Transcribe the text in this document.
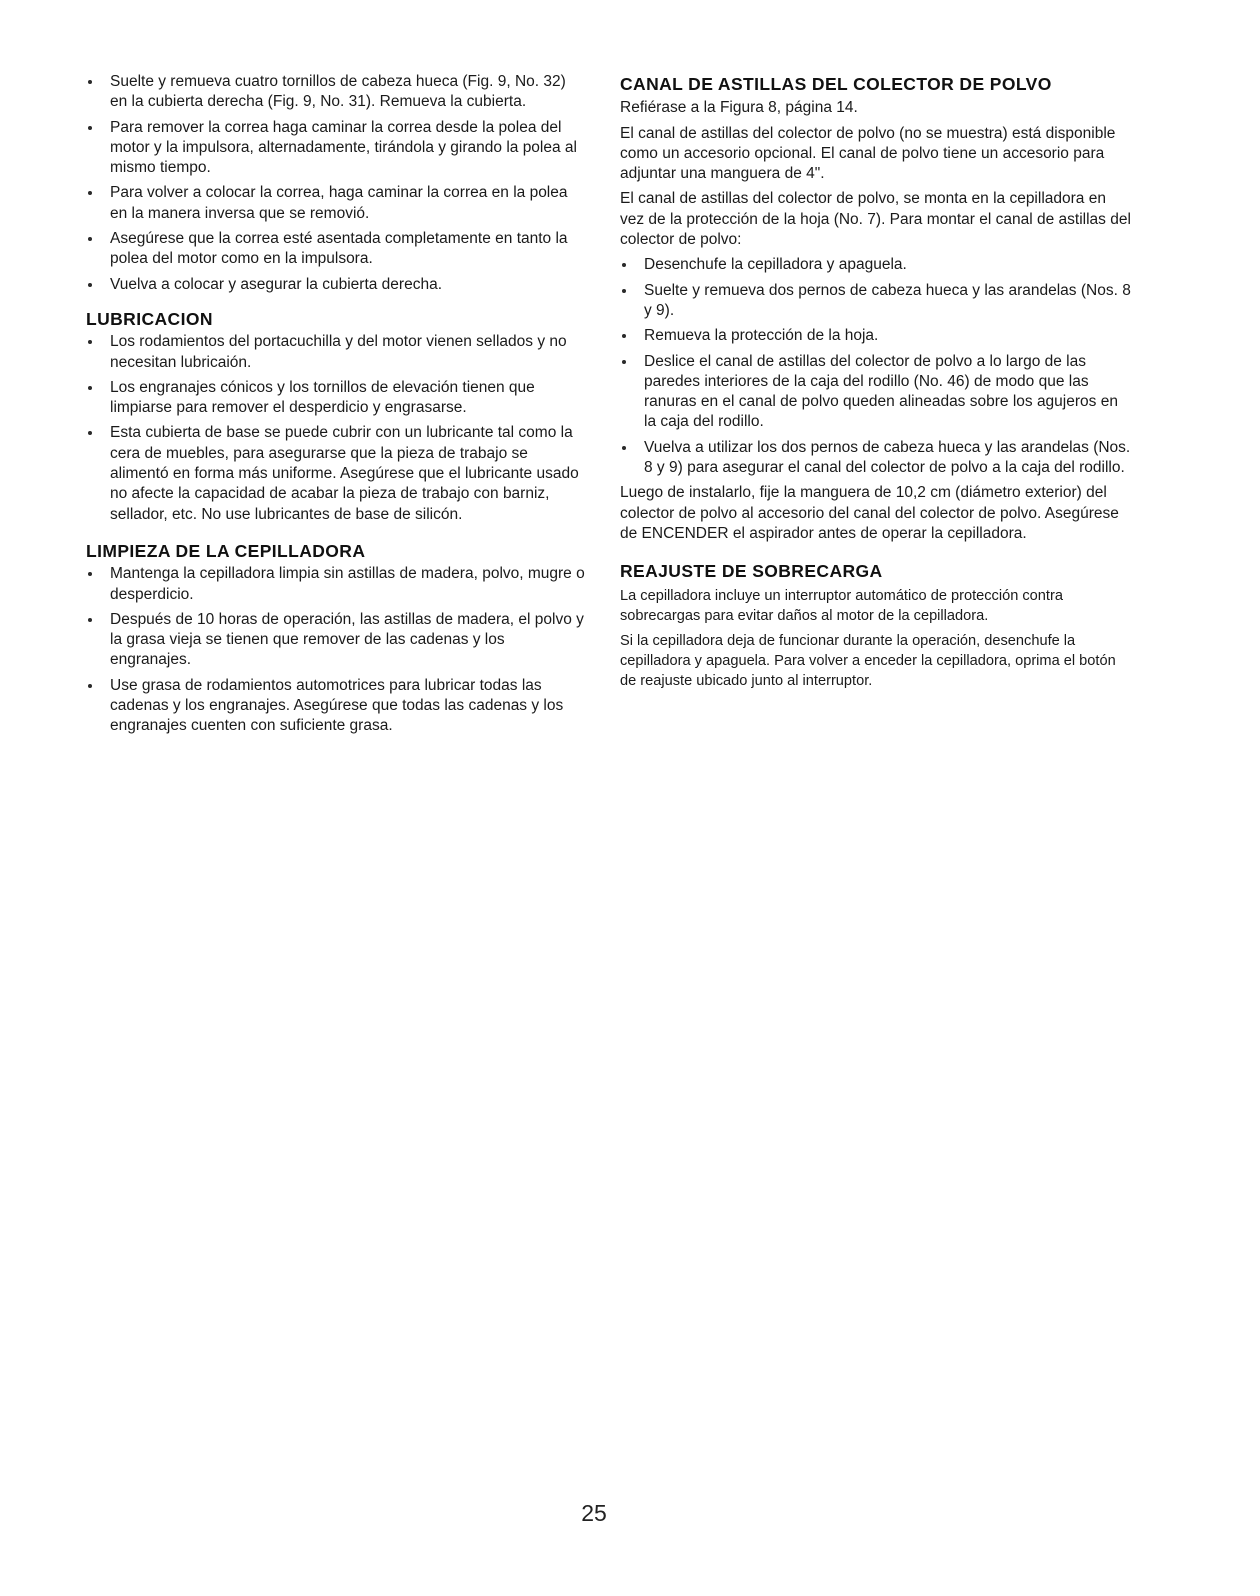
Suelte y remueva cuatro tornillos de cabeza hueca (Fig. 9, No. 32) en la cubierta derecha (Fig. 9, No. 31). Remueva la cubierta.
Para remover la correa haga caminar la correa desde la polea del motor y la impulsora, alternadamente, tirándola y girando la polea al mismo tiempo.
Para volver a colocar la correa, haga caminar la correa en la polea en la manera inversa que se removió.
Asegúrese que la correa esté asentada completamente en tanto la polea del motor como en la impulsora.
Vuelva a colocar y asegurar la cubierta derecha.
LUBRICACION
Los rodamientos del portacuchilla y del motor vienen sellados y no necesitan lubricaión.
Los engranajes cónicos y los tornillos de elevación tienen que limpiarse para remover el desperdicio y engrasarse.
Esta cubierta de base se puede cubrir con un lubricante tal como la cera de muebles, para asegurarse que la pieza de trabajo se alimentó en forma más uniforme. Asegúrese que el lubricante usado no afecte la capacidad de acabar la pieza de trabajo con barniz, sellador, etc. No use lubricantes de base de silicón.
LIMPIEZA DE LA CEPILLADORA
Mantenga la cepilladora limpia sin astillas de madera, polvo, mugre o desperdicio.
Después de 10 horas de operación, las astillas de madera, el polvo y la grasa vieja se tienen que remover de las cadenas y los engranajes.
Use grasa de rodamientos automotrices para lubricar todas las cadenas y los engranajes. Asegúrese que todas las cadenas y los engranajes cuenten con suficiente grasa.
CANAL DE ASTILLAS DEL COLECTOR DE POLVO

Refiérase a la Figura 8, página 14.

El canal de astillas del colector de polvo (no se muestra) está disponible como un accesorio opcional. El canal de polvo tiene un accesorio para adjuntar una manguera de 4".

El canal de astillas del colector de polvo, se monta en la cepilladora en vez de la protección de la hoja (No. 7). Para montar el canal de astillas del colector de polvo:

Desenchufe la cepilladora y apaguela.
Suelte y remueva dos pernos de cabeza hueca y las arandelas (Nos. 8 y 9).
Remueva la protección de la hoja.
Deslice el canal de astillas del colector de polvo a lo largo de las paredes interiores de la caja del rodillo (No. 46) de modo que las ranuras en el canal de polvo queden alineadas sobre los agujeros en la caja del rodillo.
Vuelva a utilizar los dos pernos de cabeza hueca y las arandelas (Nos. 8 y 9) para asegurar el canal del colector de polvo a la caja del rodillo.

Luego de instalarlo, fije la manguera de 10,2 cm (diámetro exterior) del colector de polvo al accesorio del canal del colector de polvo. Asegúrese de ENCENDER el aspirador antes de operar la cepilladora.

REAJUSTE DE SOBRECARGA

La cepilladora incluye un interruptor automático de protección contra sobrecargas para evitar daños al motor de la cepilladora.

Si la cepilladora deja de funcionar durante la operación, desenchufe la cepilladora y apaguela. Para volver a enceder la cepilladora, oprima el botón de reajuste ubicado junto al interruptor.

25
